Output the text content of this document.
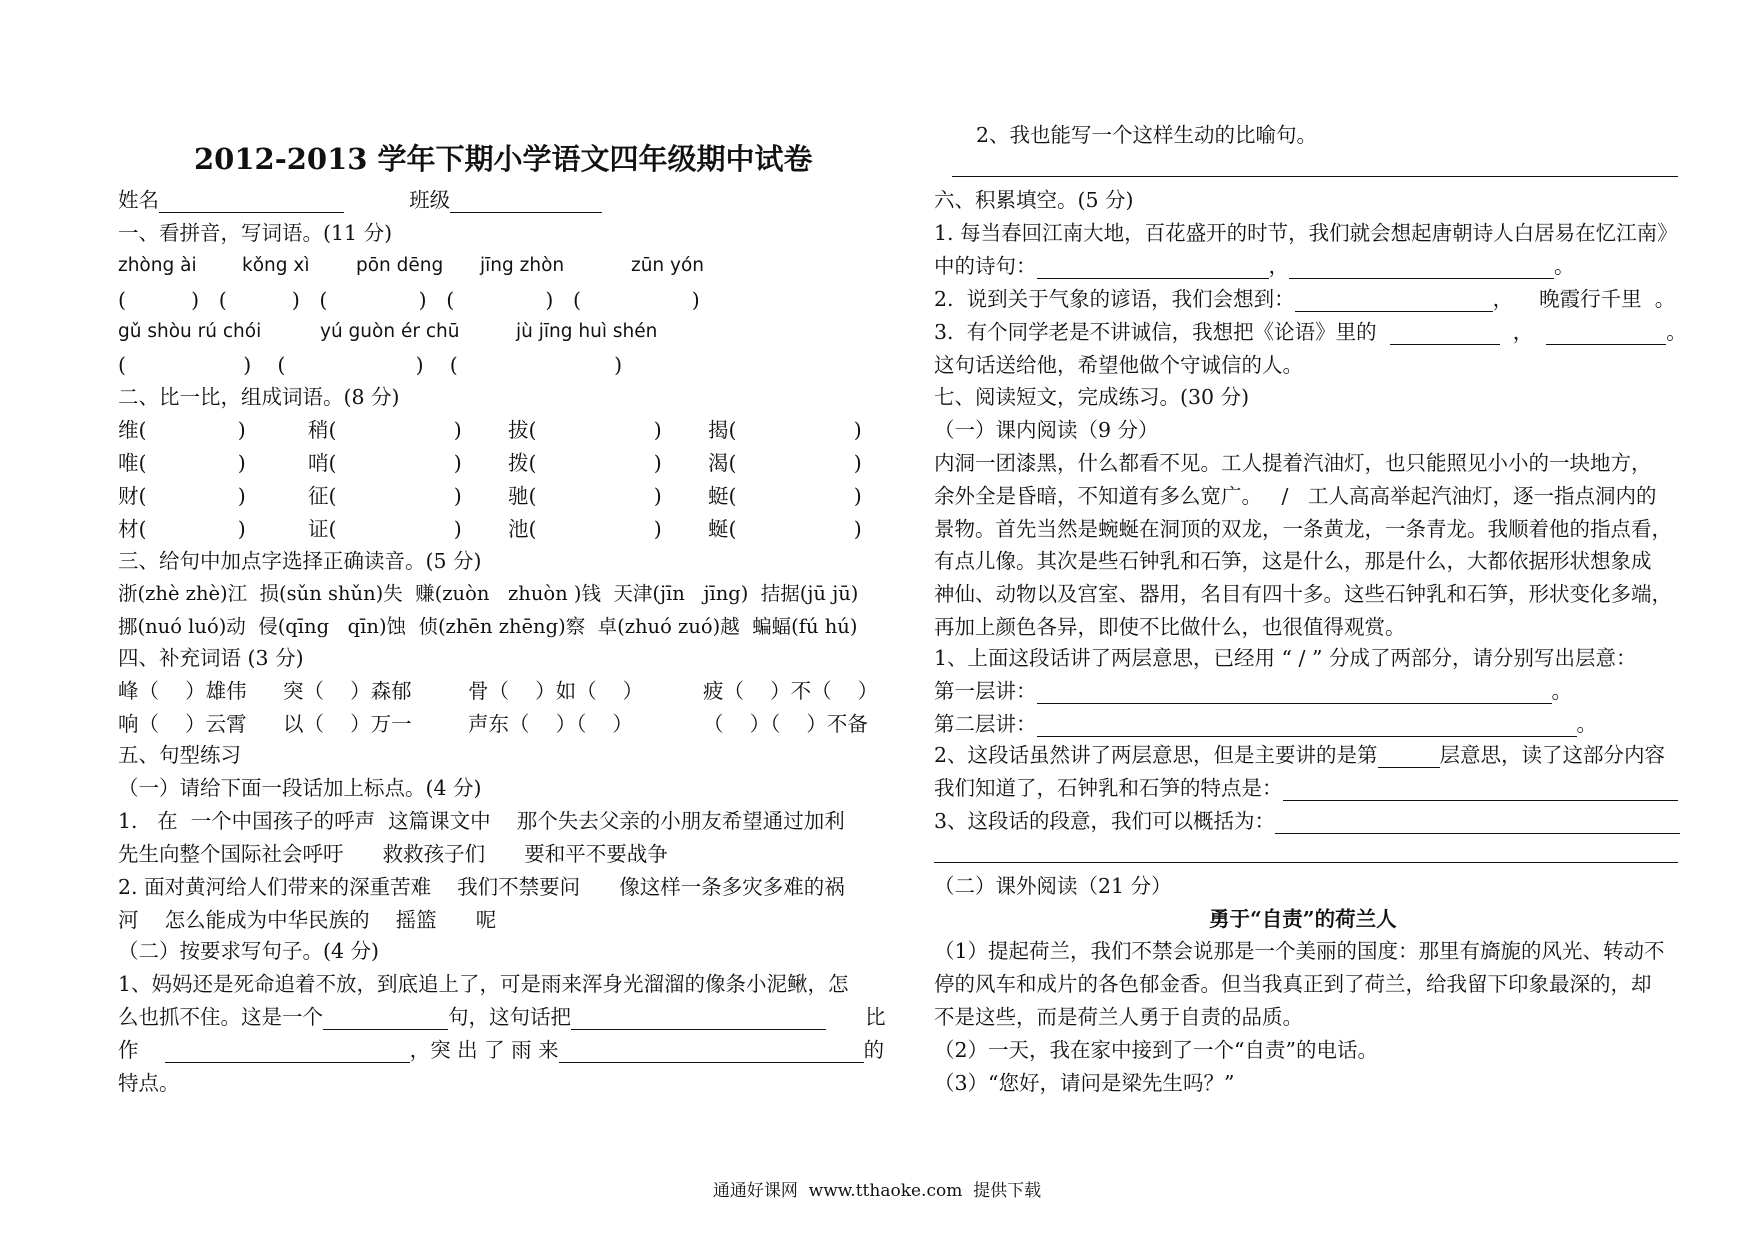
2012-2013 学年下期小学语文四年级期中试卷
姓名	班级
一、看拼音，写词语。(11 分)
zhòng ài kǒng xì	pōn dēng jīng zhòn	zūn yón
(          )   (          )   (              )   (              )   (                 )
gǔ shòu rú chói	yú guòn ér chū	jù jīng huì shén
(                  )    (                    )    (                        )
二、比一比，组成词语。(8 分)
维(              )	稍(                  ) 拔(                  ) 揭(                  )
唯(              )	哨(                  ) 拨(                  ) 渴(                  )
财(              )	征(                  ) 驰(                  ) 蜓(                  )
材(              )	证(                  ) 池(                  ) 蜒(                  )
三、给句中加点字选择正确读音。(5 分)
浙(zhè zhè)江  损(sǔn shǔn)失  赚(zuòn   zhuòn )钱  天津(jīn   jīng)  拮据(jū jū)
挪(nuó luó)动  侵(qīng   qīn)蚀  侦(zhēn zhēng)察  卓(zhuó zuó)越  蝙蝠(fú hú)
四、补充词语 (3 分)
峰（    ）雄伟 突（    ）森郁	骨（    ）如（    ）	疲（    ）不（    ）
响（    ）云霄 以（    ）万一	声东（    ）（    ）	（    ）（    ）不备
五、句型练习
（一）请给下面一段话加上标点。(4 分)
1.   在  一个中国孩子的呼声  这篇课文中    那个失去父亲的小朋友希望通过加利
先生向整个国际社会呼吁      救救孩子们      要和平不要战争
2. 面对黄河给人们带来的深重苦难    我们不禁要问      像这样一条多灾多难的祸
河    怎么能成为中华民族的    摇篮      呢
（二）按要求写句子。(4 分)
1、妈妈还是死命追着不放，到底追上了，可是雨来浑身光溜溜的像条小泥鳅，怎
么也抓不住。这是一个	句，这句话把	比
作	，突 出 了 雨 来	的
特点。
2、我也能写一个这样生动的比喻句。
六、积累填空。(5 分)
1. 每当春回江南大地，百花盛开的时节，我们就会想起唐朝诗人白居易在忆江南》
中的诗句：	，	。
2.  说到关于气象的谚语，我们会想到：	，    晚霞行千里  。
3.  有个同学老是不讲诚信，我想把《论语》里的	，	。
这句话送给他，希望他做个守诚信的人。
七、阅读短文，完成练习。(30 分)
（一）课内阅读（9 分）
内洞一团漆黑，什么都看不见。工人提着汽油灯，也只能照见小小的一块地方，
余外全是昏暗，不知道有多么宽广。   /   工人高高举起汽油灯，逐一指点洞内的
景物。首先当然是蜿蜒在洞顶的双龙，一条黄龙，一条青龙。我顺着他的指点看，
有点儿像。其次是些石钟乳和石笋，这是什么，那是什么，大都依据形状想象成
神仙、动物以及宫室、器用，名目有四十多。这些石钟乳和石笋，形状变化多端，
再加上颜色各异，即使不比做什么，也很值得观赏。
1、上面这段话讲了两层意思，已经用 “ / ” 分成了两部分，请分别写出层意：
第一层讲：	。
第二层讲：	。
2、这段话虽然讲了两层意思，但是主要讲的是第	层意思，读了这部分内容
我们知道了，石钟乳和石笋的特点是：
3、这段话的段意，我们可以概括为：
（二）课外阅读（21 分）
勇于“自责”的荷兰人
（1）提起荷兰，我们不禁会说那是一个美丽的国度：那里有旖旎的风光、转动不
停的风车和成片的各色郁金香。但当我真正到了荷兰，给我留下印象最深的，却
不是这些，而是荷兰人勇于自责的品质。
（2）一天，我在家中接到了一个“自责”的电话。
（3）“您好，请问是梁先生吗？”
通通好课网  www.tthaoke.com  提供下载
